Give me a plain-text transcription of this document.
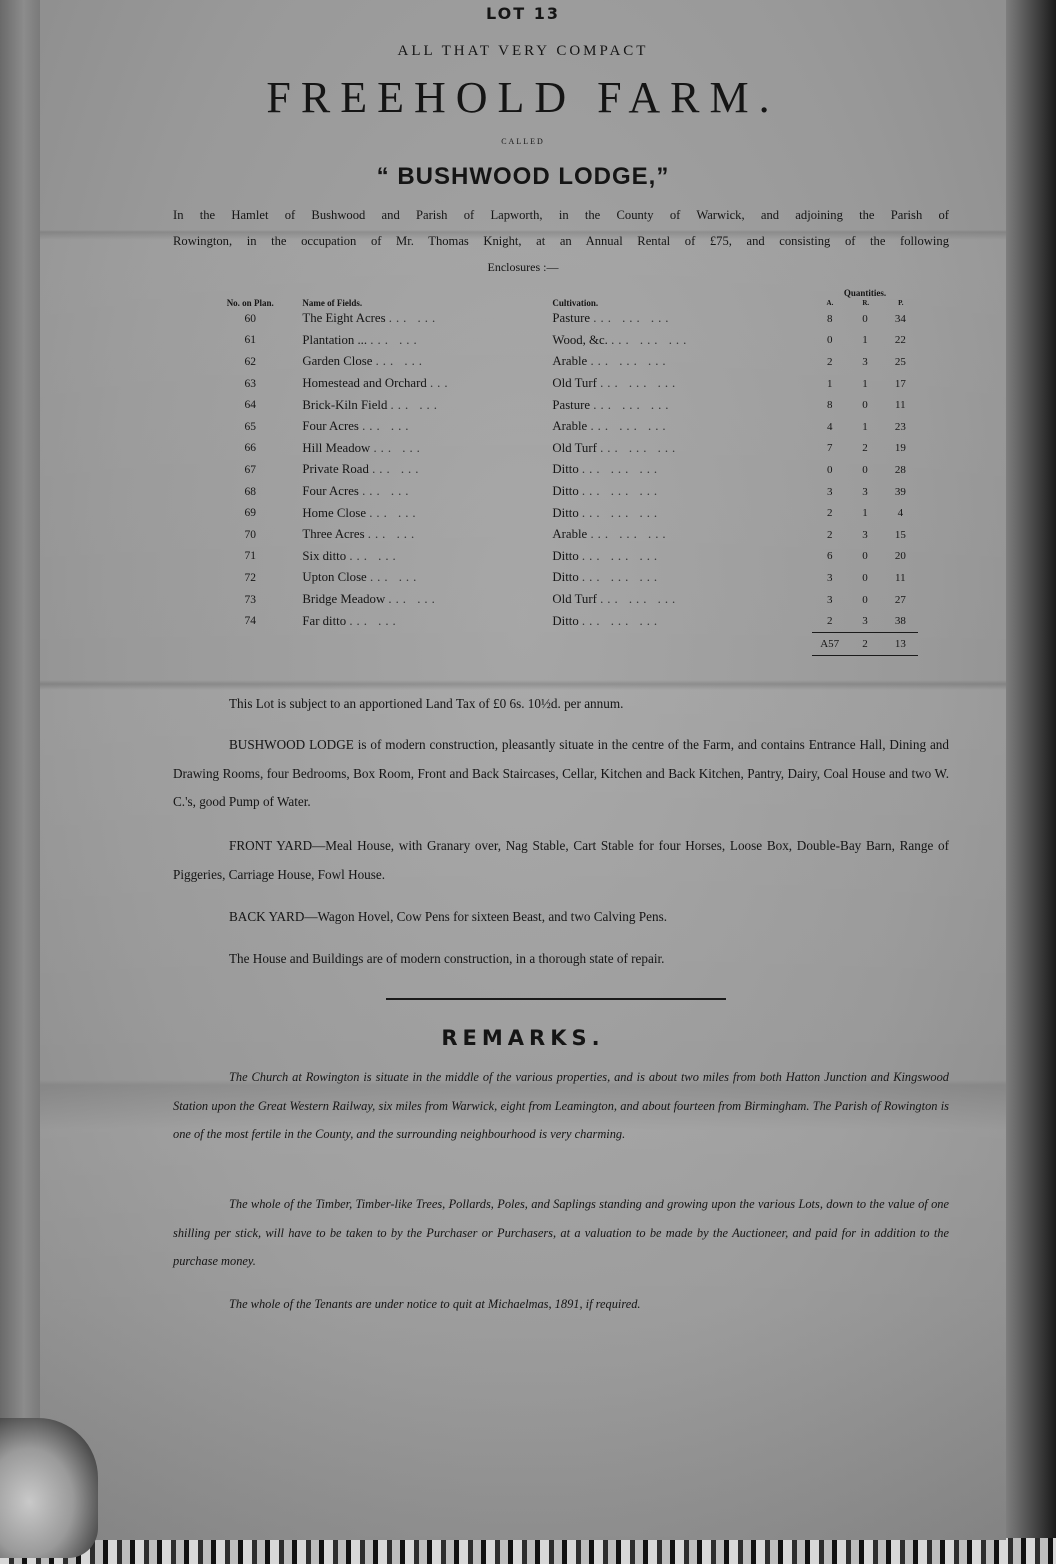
LOT 13
ALL THAT VERY COMPACT
FREEHOLD FARM.
CALLED
“ BUSHWOOD LODGE,”
In the Hamlet of Bushwood and Parish of Lapworth, in the County of Warwick, and adjoining the Parish of
Rowington, in the occupation of Mr. Thomas Knight, at an Annual Rental of £75, and consisting of the following
Enclosures :—
No. on Plan.	Name of Fields.	Cultivation.	Quantities.
A. R. P.		

60	The Eight Acres ... ...	Pasture ... ... ...	8	0	34
61	Plantation ... ... ...	Wood, &c. ... ... ...	0	1	22
62	Garden Close ... ...	Arable ... ... ...	2	3	25
63	Homestead and Orchard ...	Old Turf ... ... ...	1	1	17
64	Brick-Kiln Field ... ...	Pasture ... ... ...	8	0	11
65	Four Acres ... ...	Arable ... ... ...	4	1	23
66	Hill Meadow ... ...	Old Turf ... ... ...	7	2	19
67	Private Road ... ...	Ditto ... ... ...	0	0	28
68	Four Acres ... ...	Ditto ... ... ...	3	3	39
69	Home Close ... ...	Ditto ... ... ...	2	1	4
70	Three Acres ... ...	Arable ... ... ...	2	3	15
71	Six ditto ... ...	Ditto ... ... ...	6	0	20
72	Upton Close ... ...	Ditto ... ... ...	3	0	11
73	Bridge Meadow ... ...	Old Turf ... ... ...	3	0	27
74	Far ditto ... ...	Ditto ... ... ...	2	3	38
			A57	2	13
This Lot is subject to an apportioned Land Tax of £0 6s. 10½d. per annum.
BUSHWOOD LODGE is of modern construction, pleasantly situate in the centre of the Farm, and contains Entrance Hall, Dining and Drawing Rooms, four Bedrooms, Box Room, Front and Back Staircases, Cellar, Kitchen and Back Kitchen, Pantry, Dairy, Coal House and two W. C.'s, good Pump of Water.
FRONT YARD—Meal House, with Granary over, Nag Stable, Cart Stable for four Horses, Loose Box, Double-Bay Barn, Range of Piggeries, Carriage House, Fowl House.
BACK YARD—Wagon Hovel, Cow Pens for sixteen Beast, and two Calving Pens.
The House and Buildings are of modern construction, in a thorough state of repair.
REMARKS.
The Church at Rowington is situate in the middle of the various properties, and is about two miles from both Hatton Junction and Kingswood Station upon the Great Western Railway, six miles from Warwick, eight from Leamington, and about fourteen from Birmingham. The Parish of Rowington is one of the most fertile in the County, and the surrounding neighbourhood is very charming.
The whole of the Timber, Timber-like Trees, Pollards, Poles, and Saplings standing and growing upon the various Lots, down to the value of one shilling per stick, will have to be taken to by the Purchaser or Purchasers, at a valuation to be made by the Auctioneer, and paid for in addition to the purchase money.
The whole of the Tenants are under notice to quit at Michaelmas, 1891, if required.
